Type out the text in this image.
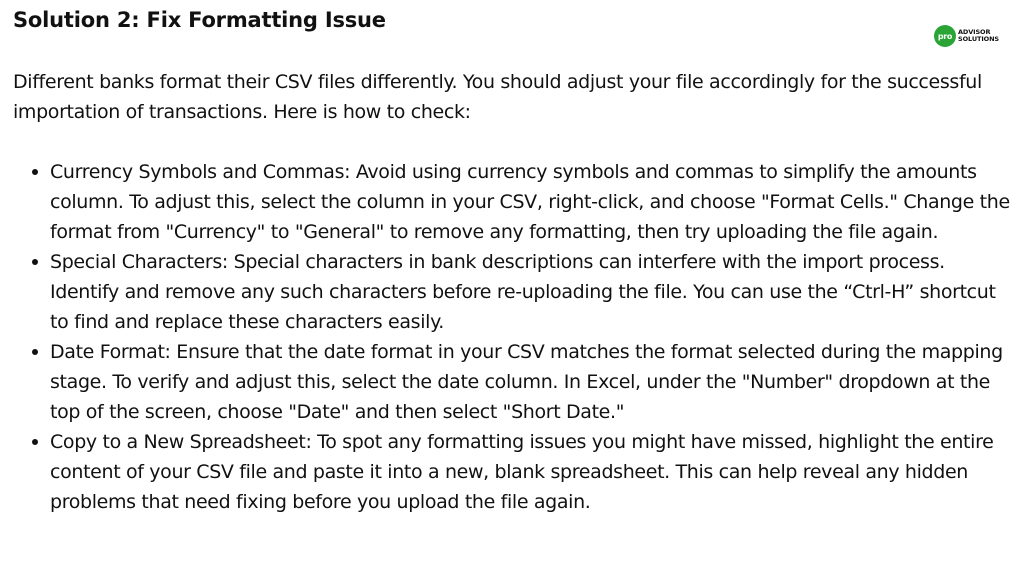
Solution 2: Fix Formatting Issue
pro ADVISOR
SOLUTIONS

Different banks format their CSV files differently. You should adjust your file accordingly for the successful importation of transactions. Here is how to check:

Currency Symbols and Commas: Avoid using currency symbols and commas to simplify the amounts column. To adjust this, select the column in your CSV, right-click, and choose "Format Cells." Change the format from "Currency" to "General" to remove any formatting, then try uploading the file again.
Special Characters: Special characters in bank descriptions can interfere with the import process. Identify and remove any such characters before re-uploading the file. You can use the “Ctrl-H” shortcut to find and replace these characters easily.
Date Format: Ensure that the date format in your CSV matches the format selected during the mapping stage. To verify and adjust this, select the date column. In Excel, under the "Number" dropdown at the top of the screen, choose "Date" and then select "Short Date."
Copy to a New Spreadsheet: To spot any formatting issues you might have missed, highlight the entire content of your CSV file and paste it into a new, blank spreadsheet. This can help reveal any hidden problems that need fixing before you upload the file again.
